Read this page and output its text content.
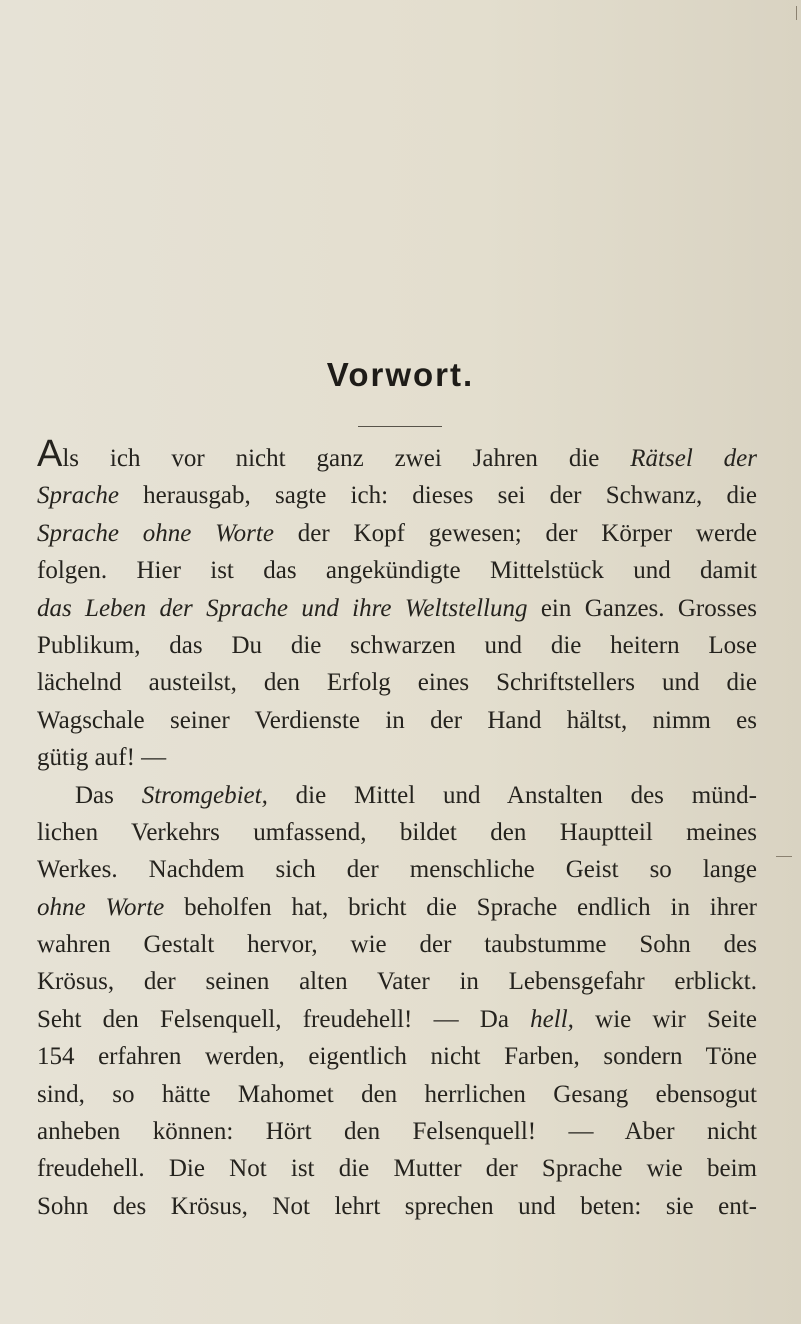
Vorwort.
Als ich vor nicht ganz zwei Jahren die Rätsel der
Sprache herausgab, sagte ich: dieses sei der Schwanz, die
Sprache ohne Worte der Kopf gewesen; der Körper werde
folgen. Hier ist das angekündigte Mittelstück und damit
das Leben der Sprache und ihre Weltstellung ein Ganzes. Grosses
Publikum, das Du die schwarzen und die heitern Lose
lächelnd austeilst, den Erfolg eines Schriftstellers und die
Wagschale seiner Verdienste in der Hand hältst, nimm es
gütig auf! —
Das Stromgebiet, die Mittel und Anstalten des münd-
lichen Verkehrs umfassend, bildet den Hauptteil meines
Werkes. Nachdem sich der menschliche Geist so lange
ohne Worte beholfen hat, bricht die Sprache endlich in ihrer
wahren Gestalt hervor, wie der taubstumme Sohn des
Krösus, der seinen alten Vater in Lebensgefahr erblickt.
Seht den Felsenquell, freudehell! — Da hell, wie wir Seite
154 erfahren werden, eigentlich nicht Farben, sondern Töne
sind, so hätte Mahomet den herrlichen Gesang ebensogut
anheben können: Hört den Felsenquell! — Aber nicht
freudehell. Die Not ist die Mutter der Sprache wie beim
Sohn des Krösus, Not lehrt sprechen und beten: sie ent-
